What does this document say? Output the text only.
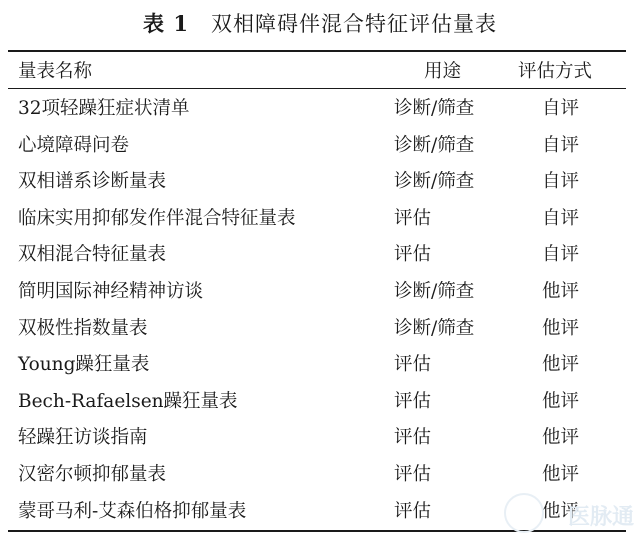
表 1 双相障碍伴混合特征评估量表
量表名称	用途	评估方式
32项轻躁狂症状清单	诊断/筛查	自评
心境障碍问卷	诊断/筛查	自评
双相谱系诊断量表	诊断/筛查	自评
临床实用抑郁发作伴混合特征量表	评估	自评
双相混合特征量表	评估	自评
简明国际神经精神访谈	诊断/筛查	他评
双极性指数量表	诊断/筛查	他评
Young躁狂量表	评估	他评
Bech-Rafaelsen躁狂量表	评估	他评
轻躁狂访谈指南	评估	他评
汉密尔顿抑郁量表	评估	他评
蒙哥马利-艾森伯格抑郁量表	评估	他评
医脉通
